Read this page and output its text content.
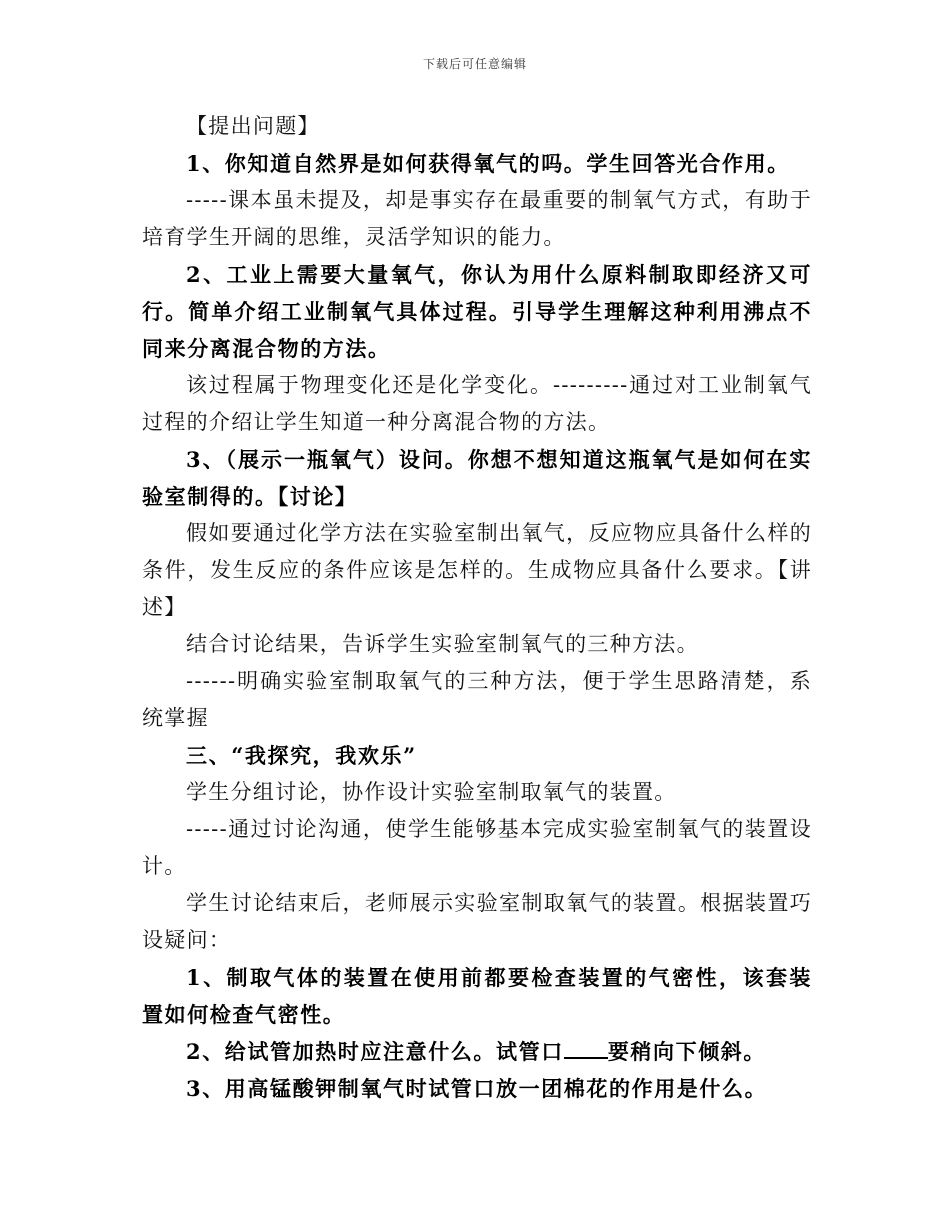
下载后可任意编辑

【提出问题】

1、你知道自然界是如何获得氧气的吗。学生回答光合作用。

-----课本虽未提及，却是事实存在最重要的制氧气方式，有助于培育学生开阔的思维，灵活学知识的能力。

2、工业上需要大量氧气，你认为用什么原料制取即经济又可行。简单介绍工业制氧气具体过程。引导学生理解这种利用沸点不同来分离混合物的方法。

该过程属于物理变化还是化学变化。---------通过对工业制氧气过程的介绍让学生知道一种分离混合物的方法。

3、（展示一瓶氧气）设问。你想不想知道这瓶氧气是如何在实验室制得的。【讨论】

假如要通过化学方法在实验室制出氧气，反应物应具备什么样的条件，发生反应的条件应该是怎样的。生成物应具备什么要求。【讲述】

结合讨论结果，告诉学生实验室制氧气的三种方法。

------明确实验室制取氧气的三种方法，便于学生思路清楚，系统掌握

三、“我探究，我欢乐”

学生分组讨论，协作设计实验室制取氧气的装置。

-----通过讨论沟通，使学生能够基本完成实验室制氧气的装置设计。

学生讨论结束后，老师展示实验室制取氧气的装置。根据装置巧设疑问：

1、制取气体的装置在使用前都要检查装置的气密性，该套装置如何检查气密性。

2、给试管加热时应注意什么。试管口 要稍向下倾斜。

3、用高锰酸钾制氧气时试管口放一团棉花的作用是什么。
